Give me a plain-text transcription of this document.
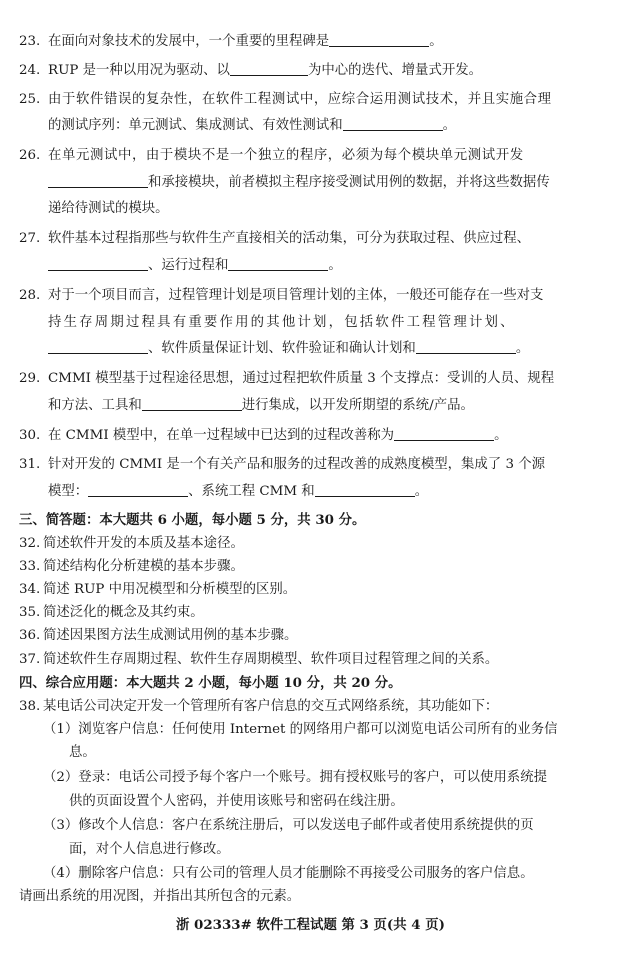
23. 在面向对象技术的发展中，一个重要的里程碑是	。
24. RUP 是一种以用况为驱动、以	为中心的迭代、增量式开发。
25. 由于软件错误的复杂性，在软件工程测试中，应综合运用测试技术，并且实施合理
的测试序列：单元测试、集成测试、有效性测试和	。
26. 在单元测试中，由于模块不是一个独立的程序，必须为每个模块单元测试开发
和承接模块，前者模拟主程序接受测试用例的数据，并将这些数据传
递给待测试的模块。
27. 软件基本过程指那些与软件生产直接相关的活动集，可分为获取过程、供应过程、
、运行过程和	。
28. 对于一个项目而言，过程管理计划是项目管理计划的主体，一般还可能存在一些对支
持生存周期过程具有重要作用的其他计划，包括软件工程管理计划、
、软件质量保证计划、软件验证和确认计划和	。
29. CMMI 模型基于过程途径思想，通过过程把软件质量 3 个支撑点：受训的人员、规程
和方法、工具和	进行集成，以开发所期望的系统/产品。
30. 在 CMMI 模型中，在单一过程域中已达到的过程改善称为	。
31. 针对开发的 CMMI 是一个有关产品和服务的过程改善的成熟度模型，集成了 3 个源
模型：	、系统工程 CMM 和	。
三、简答题：本大题共 6 小题，每小题 5 分，共 30 分。
32. 简述软件开发的本质及基本途径。
33. 简述结构化分析建模的基本步骤。
34. 简述 RUP 中用况模型和分析模型的区别。
35. 简述泛化的概念及其约束。
36. 简述因果图方法生成测试用例的基本步骤。
37. 简述软件生存周期过程、软件生存周期模型、软件项目过程管理之间的关系。
四、综合应用题：本大题共 2 小题，每小题 10 分，共 20 分。
38. 某电话公司决定开发一个管理所有客户信息的交互式网络系统，其功能如下：
（1）浏览客户信息：任何使用 Internet 的网络用户都可以浏览电话公司所有的业务信
息。
（2）登录：电话公司授予每个客户一个账号。拥有授权账号的客户，可以使用系统提
供的页面设置个人密码，并使用该账号和密码在线注册。
（3）修改个人信息：客户在系统注册后，可以发送电子邮件或者使用系统提供的页
面，对个人信息进行修改。
（4）删除客户信息：只有公司的管理人员才能删除不再接受公司服务的客户信息。
请画出系统的用况图，并指出其所包含的元素。
浙 02333# 软件工程试题 第 3 页(共 4 页)
